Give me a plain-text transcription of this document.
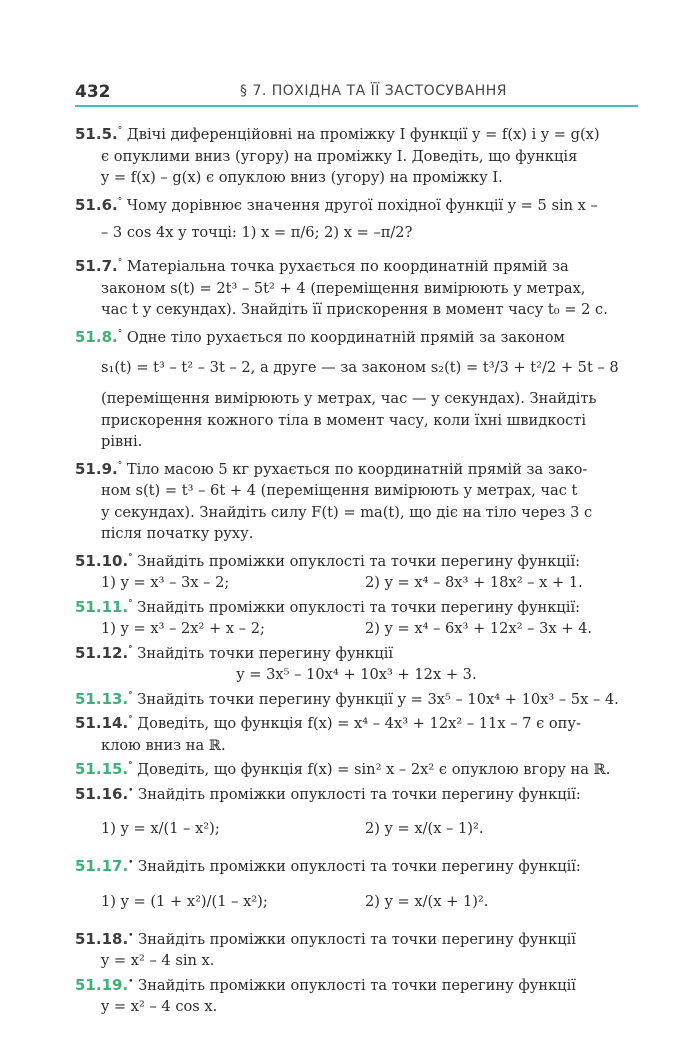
432	§ 7. ПОХІДНА ТА ЇЇ ЗАСТОСУВАННЯ
51.5.° Двічі диференційовні на проміжку I функції y = f(x) і y = g(x)
є опуклими вниз (угору) на проміжку I. Доведіть, що функція
y = f(x) – g(x) є опуклою вниз (угору) на проміжку I.
51.6.° Чому дорівнює значення другої похідної функції y = 5 sin x –
– 3 cos 4x у точці: 1) x = π/6; 2) x = –π/2?
51.7.° Матеріальна точка рухається по координатній прямій за
законом s(t) = 2t³ – 5t² + 4 (переміщення вимірюють у метрах,
час t у секундах). Знайдіть її прискорення в момент часу t₀ = 2 с.
51.8.° Одне тіло рухається по координатній прямій за законом
s₁(t) = t³ – t² – 3t – 2, а друге — за законом s₂(t) = t³/3 + t²/2 + 5t – 8
(переміщення вимірюють у метрах, час — у секундах). Знайдіть
прискорення кожного тіла в момент часу, коли їхні швидкості
рівні.
51.9.° Тіло масою 5 кг рухається по координатній прямій за зако-
ном s(t) = t³ – 6t + 4 (переміщення вимірюють у метрах, час t
у секундах). Знайдіть силу F(t) = ma(t), що діє на тіло через 3 с
після початку руху.
51.10.° Знайдіть проміжки опуклості та точки перегину функції:
1) y = x³ – 3x – 2;	2) y = x⁴ – 8x³ + 18x² – x + 1.
51.11.° Знайдіть проміжки опуклості та точки перегину функції:
1) y = x³ – 2x² + x – 2;	2) y = x⁴ – 6x³ + 12x² – 3x + 4.
51.12.° Знайдіть точки перегину функції
y = 3x⁵ – 10x⁴ + 10x³ + 12x + 3.
51.13.° Знайдіть точки перегину функції y = 3x⁵ – 10x⁴ + 10x³ – 5x – 4.
51.14.° Доведіть, що функція f(x) = x⁴ – 4x³ + 12x² – 11x – 7 є опу-
клою вниз на ℝ.
51.15.° Доведіть, що функція f(x) = sin² x – 2x² є опуклою вгору на ℝ.
51.16.• Знайдіть проміжки опуклості та точки перегину функції:
1) y = x/(1 – x²);	2) y = x/(x – 1)².
51.17.• Знайдіть проміжки опуклості та точки перегину функції:
1) y = (1 + x²)/(1 – x²);	2) y = x/(x + 1)².
51.18.• Знайдіть проміжки опуклості та точки перегину функції
y = x² – 4 sin x.
51.19.• Знайдіть проміжки опуклості та точки перегину функції
y = x² – 4 cos x.
